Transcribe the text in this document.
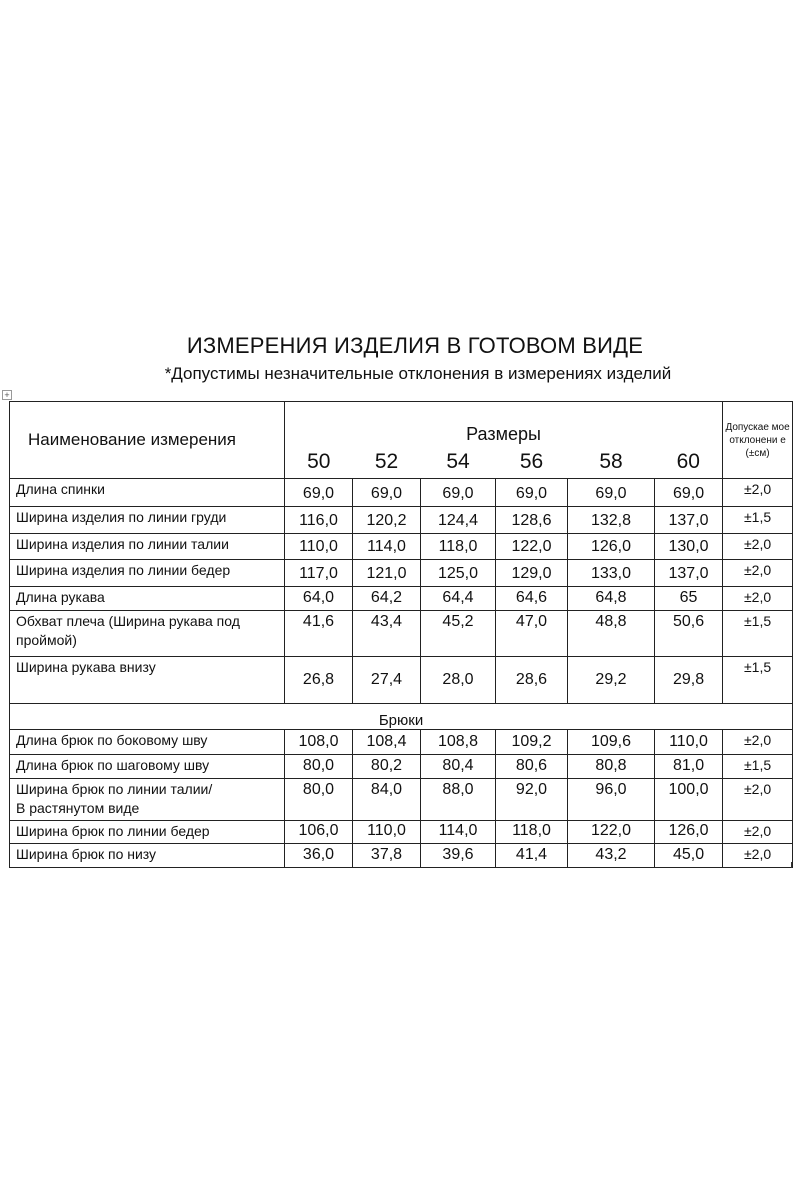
ИЗМЕРЕНИЯ ИЗДЕЛИЯ В ГОТОВОМ ВИДЕ
*Допустимы незначительные отклонения в измерениях изделий
+
Наименование измерения	Размеры						Допускае мое отклонени е (±см)
	50	52	54	56	58	60	
Длина спинки	69,0	69,0	69,0	69,0	69,0	69,0	±2,0
Ширина изделия по линии груди	116,0	120,2	124,4	128,6	132,8	137,0	±1,5
Ширина изделия по линии талии	110,0	114,0	118,0	122,0	126,0	130,0	±2,0
Ширина изделия по линии бедер	117,0	121,0	125,0	129,0	133,0	137,0	±2,0
Длина рукава	64,0	64,2	64,4	64,6	64,8	65	±2,0
Обхват плеча (Ширина рукава под проймой)	41,6	43,4	45,2	47,0	48,8	50,6	±1,5
Ширина рукава внизу	26,8	27,4	28,0	28,6	29,2	29,8	±1,5
Брюки							
Длина брюк по боковому шву	108,0	108,4	108,8	109,2	109,6	110,0	±2,0
Длина брюк по шаговому шву	80,0	80,2	80,4	80,6	80,8	81,0	±1,5

Ширина брюк по линии талии/
В растянутом виде	80,0	84,0	88,0	92,0	96,0	100,0	±2,0
Ширина брюк по линии бедер	106,0	110,0	114,0	118,0	122,0	126,0	±2,0
Ширина брюк по низу	36,0	37,8	39,6	41,4	43,2	45,0	±2,0
